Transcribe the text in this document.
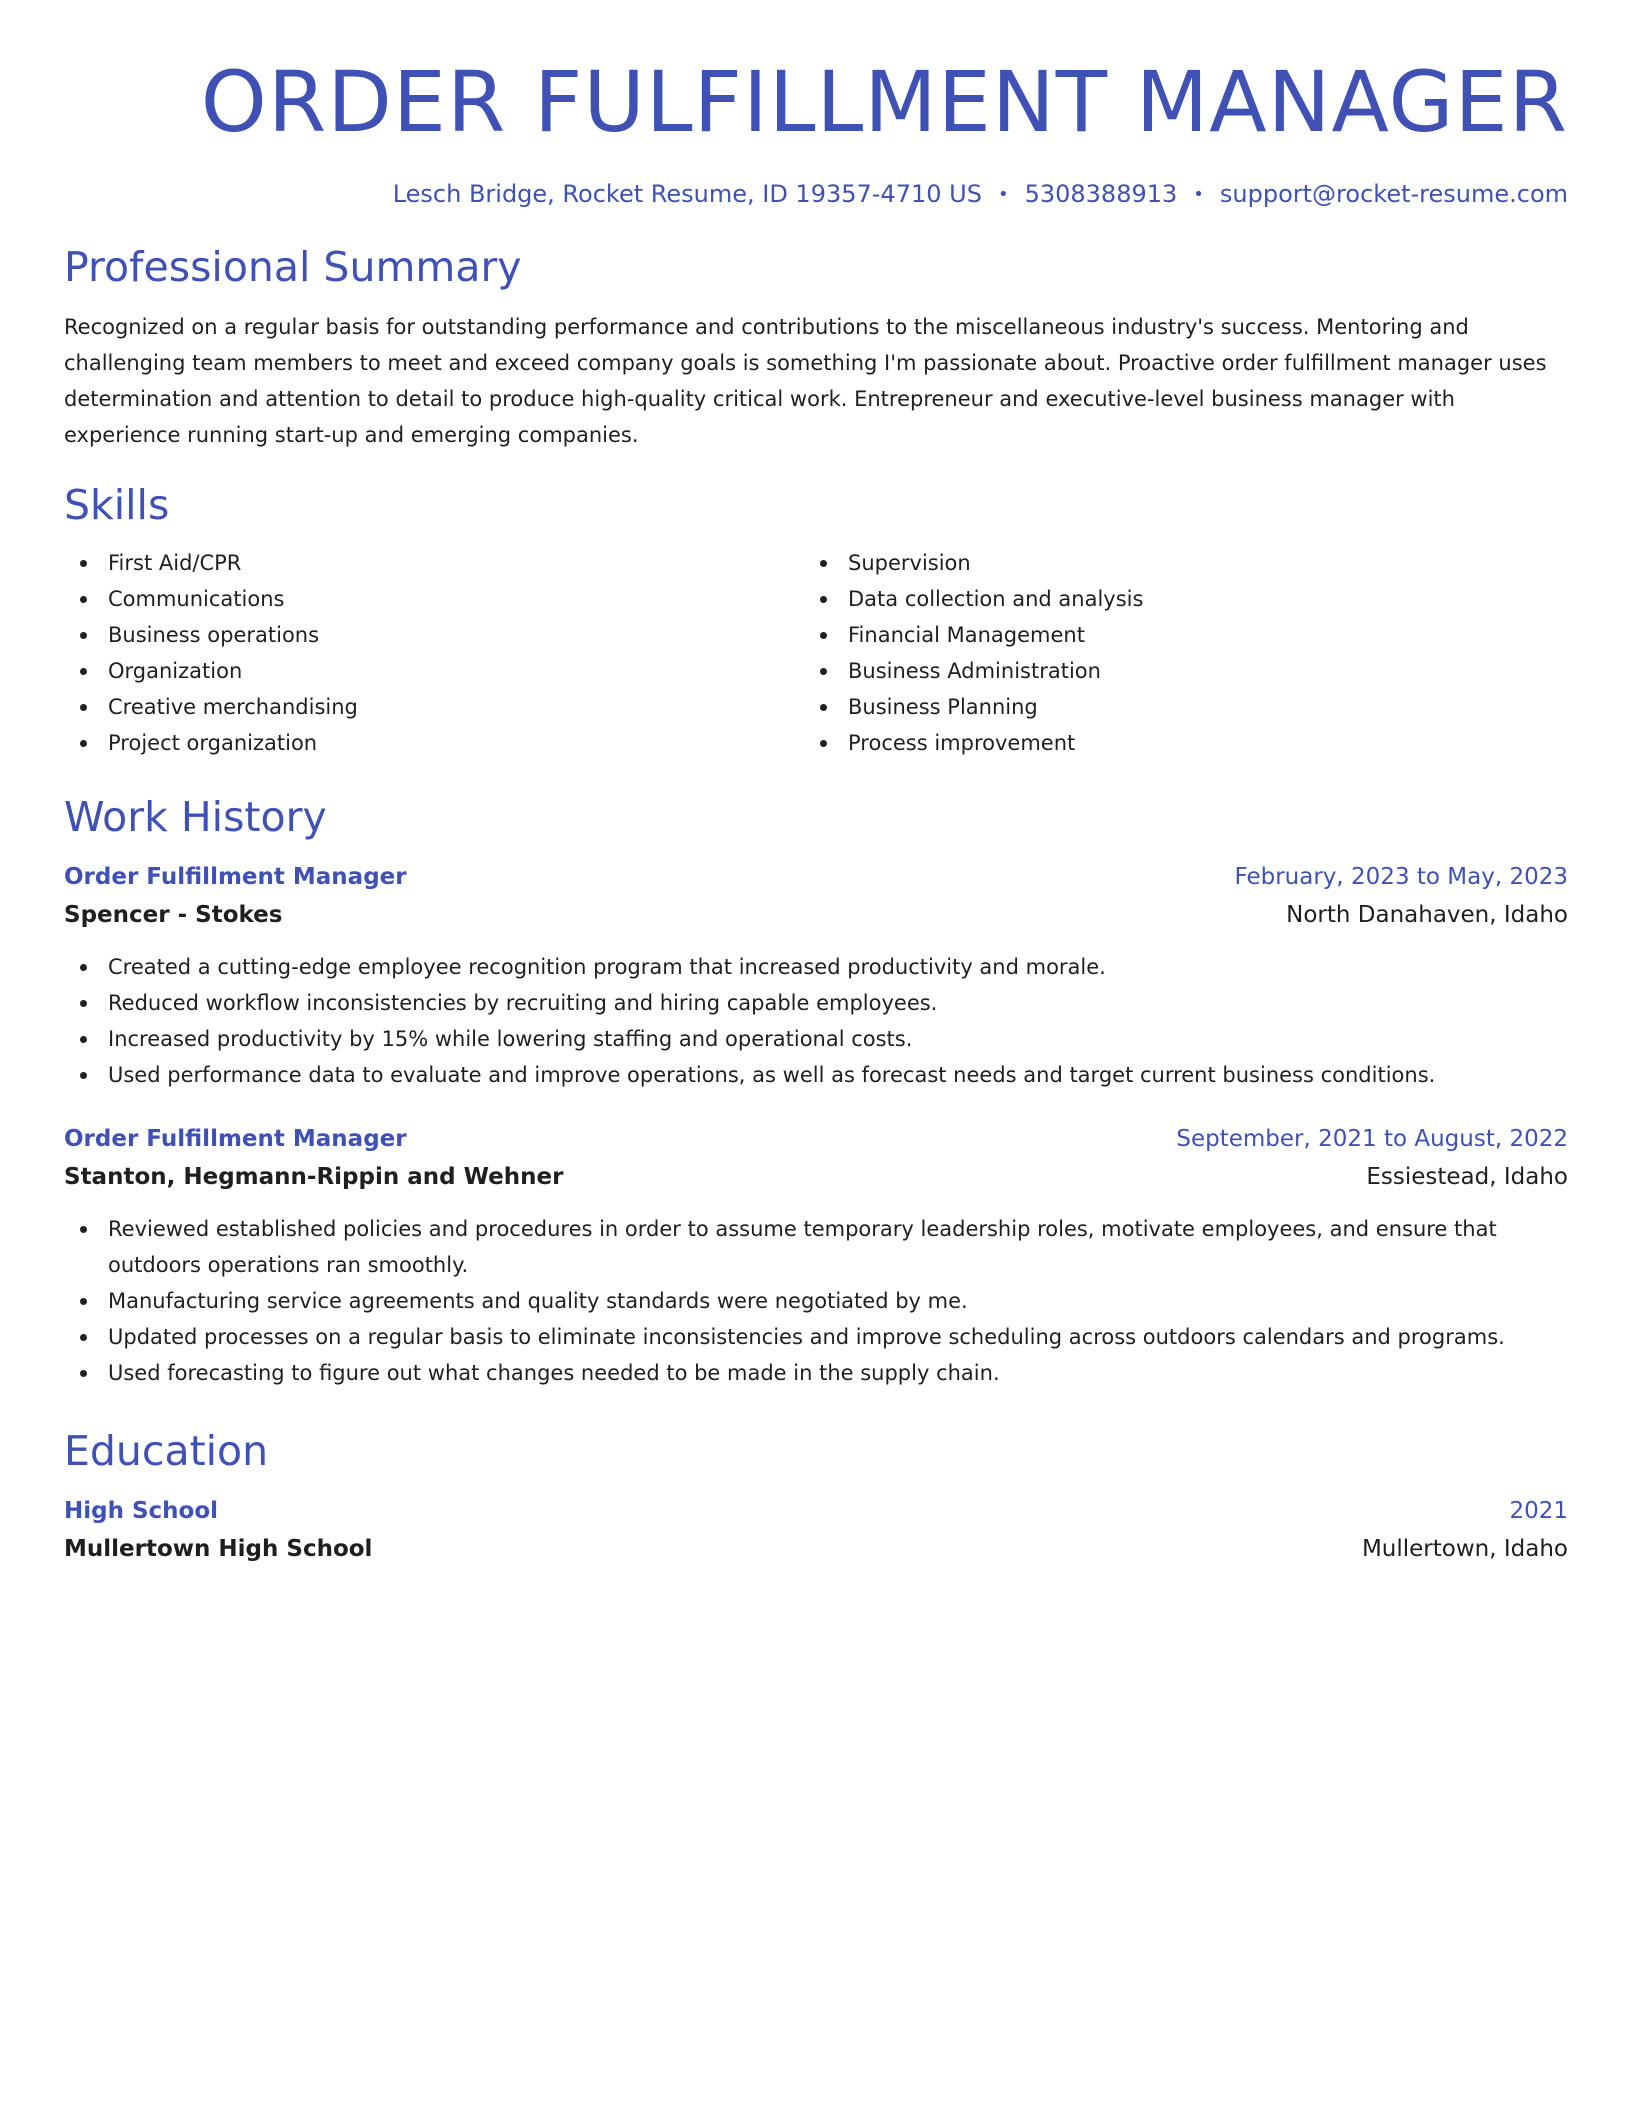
ORDER FULFILLMENT MANAGER
Lesch Bridge, Rocket Resume, ID 19357-4710 US • 5308388913 • support@rocket-resume.com
Professional Summary

Recognized on a regular basis for outstanding performance and contributions to the miscellaneous industry's success. Mentoring and challenging team members to meet and exceed company goals is something I'm passionate about. Proactive order fulfillment manager uses determination and attention to detail to produce high-quality critical work. Entrepreneur and executive-level business manager with experience running start-up and emerging companies.

Skills
First Aid/CPR
Communications
Business operations
Organization
Creative merchandising
Project organization
Supervision
Data collection and analysis
Financial Management
Business Administration
Business Planning
Process improvement
Work History
Order Fulfillment Manager	February, 2023 to May, 2023
Spencer - Stokes	North Danahaven, Idaho
Created a cutting-edge employee recognition program that increased productivity and morale.
Reduced workflow inconsistencies by recruiting and hiring capable employees.
Increased productivity by 15% while lowering staffing and operational costs.
Used performance data to evaluate and improve operations, as well as forecast needs and target current business conditions.
Order Fulfillment Manager	September, 2021 to August, 2022
Stanton, Hegmann-Rippin and Wehner	Essiestead, Idaho
Reviewed established policies and procedures in order to assume temporary leadership roles, motivate employees, and ensure that outdoors operations ran smoothly.
Manufacturing service agreements and quality standards were negotiated by me.
Updated processes on a regular basis to eliminate inconsistencies and improve scheduling across outdoors calendars and programs.
Used forecasting to figure out what changes needed to be made in the supply chain.
Education
High School	2021
Mullertown High School	Mullertown, Idaho
